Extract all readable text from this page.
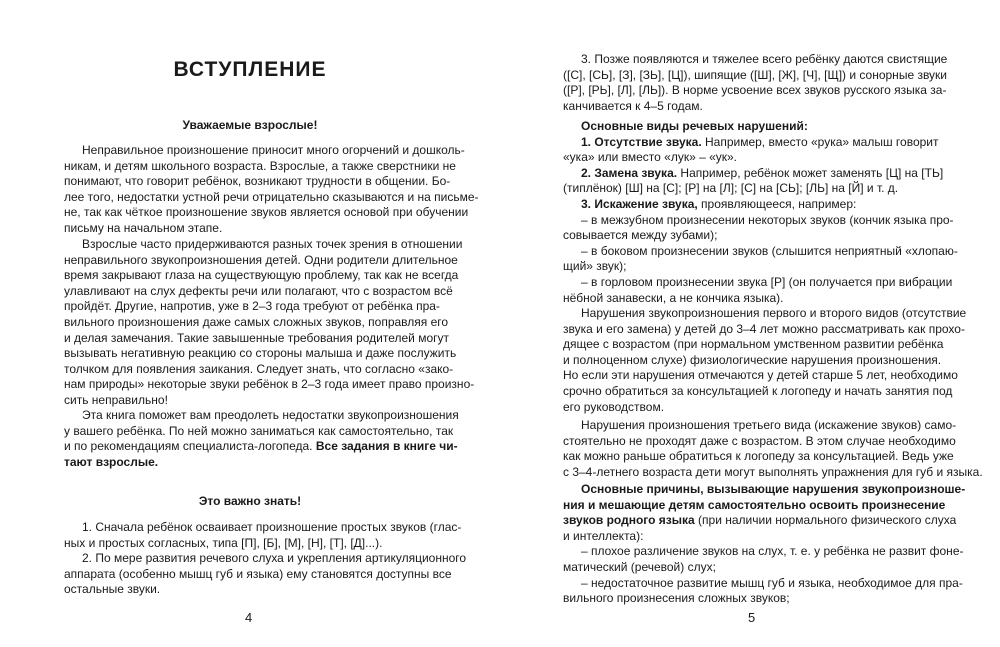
ВСТУПЛЕНИЕ
Уважаемые взрослые!
Неправильное произношение приносит много огорчений и дошколь-
никам, и детям школьного возраста. Взрослые, а также сверстники не
понимают, что говорит ребёнок, возникают трудности в общении. Бо-
лее того, недостатки устной речи отрицательно сказываются и на письме-
не, так как чёткое произношение звуков является основой при обучении
письму на начальном этапе.
Взрослые часто придерживаются разных точек зрения в отношении
неправильного звукопроизношения детей. Одни родители длительное
время закрывают глаза на существующую проблему, так как не всегда
улавливают на слух дефекты речи или полагают, что с возрастом всё
пройдёт. Другие, напротив, уже в 2–3 года требуют от ребёнка пра-
вильного произношения даже самых сложных звуков, поправляя его
и делая замечания. Такие завышенные требования родителей могут
вызывать негативную реакцию со стороны малыша и даже послужить
толчком для появления заикания. Следует знать, что согласно «зако-
нам природы» некоторые звуки ребёнок в 2–3 года имеет право произно-
сить неправильно!
Эта книга поможет вам преодолеть недостатки звукопроизношения
у вашего ребёнка. По ней можно заниматься как самостоятельно, так
и по рекомендациям специалиста-логопеда. Все задания в книге чи-
тают взрослые.
Это важно знать!
1. Сначала ребёнок осваивает произношение простых звуков (глас-
ных и простых согласных, типа [П], [Б], [М], [Н], [Т], [Д]...).
2. По мере развития речевого слуха и укрепления артикуляционного
аппарата (особенно мышц губ и языка) ему становятся доступны все
остальные звуки.
4
3. Позже появляются и тяжелее всего ребёнку даются свистящие
([С], [СЬ], [З], [ЗЬ], [Ц]), шипящие ([Ш], [Ж], [Ч], [Щ]) и сонорные звуки
([Р], [РЬ], [Л], [ЛЬ]). В норме усвоение всех звуков русского языка за-
канчивается к 4–5 годам.
Основные виды речевых нарушений:
1. Отсутствие звука. Например, вместо «рука» малыш говорит
«ука» или вместо «лук» – «ук».
2. Замена звука. Например, ребёнок может заменять [Ц] на [ТЬ]
(типлёнок) [Ш] на [С]; [Р] на [Л]; [С] на [СЬ]; [ЛЬ] на [Й] и т. д.
3. Искажение звука, проявляющееся, например:
– в межзубном произнесении некоторых звуков (кончик языка про-
совывается между зубами);
– в боковом произнесении звуков (слышится неприятный «хлопаю-
щий» звук);
– в горловом произнесении звука [Р] (он получается при вибрации
нёбной занавески, а не кончика языка).
Нарушения звукопроизношения первого и второго видов (отсутствие
звука и его замена) у детей до 3–4 лет можно рассматривать как прохо-
дящее с возрастом (при нормальном умственном развитии ребёнка
и полноценном слухе) физиологические нарушения произношения.
Но если эти нарушения отмечаются у детей старше 5 лет, необходимо
срочно обратиться за консультацией к логопеду и начать занятия под
его руководством.
Нарушения произношения третьего вида (искажение звуков) само-
стоятельно не проходят даже с возрастом. В этом случае необходимо
как можно раньше обратиться к логопеду за консультацией. Ведь уже
с 3–4-летнего возраста дети могут выполнять упражнения для губ и языка.
Основные причины, вызывающие нарушения звукопроизноше-
ния и мешающие детям самостоятельно освоить произнесение
звуков родного языка (при наличии нормального физического слуха
и интеллекта):
– плохое различение звуков на слух, т. е. у ребёнка не развит фоне-
матический (речевой) слух;
– недостаточное развитие мышц губ и языка, необходимое для пра-
вильного произнесения сложных звуков;
5
